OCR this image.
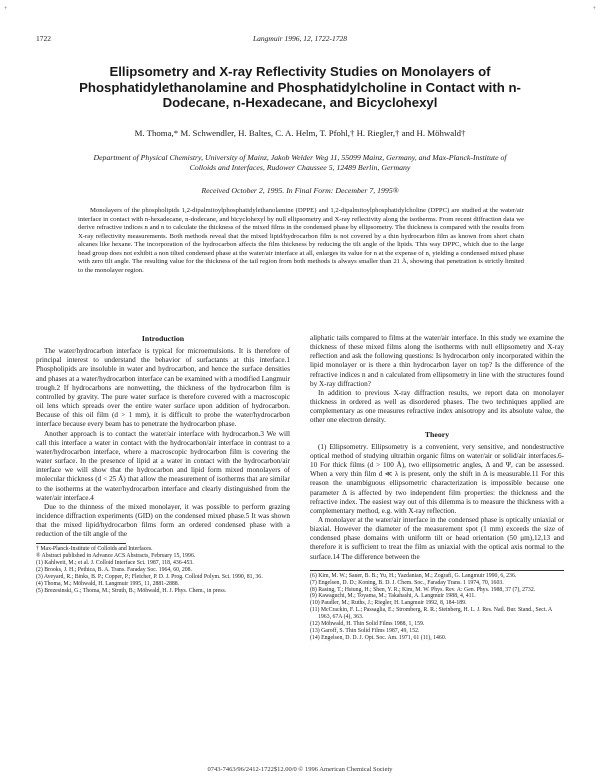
+	+
1722	Langmuir 1996, 12, 1722-1728
Ellipsometry and X-ray Reflectivity Studies on Monolayers of Phosphatidylethanolamine and Phosphatidylcholine in Contact with n-Dodecane, n-Hexadecane, and Bicyclohexyl
M. Thoma,* M. Schwendler, H. Baltes, C. A. Helm, T. Pfohl,† H. Riegler,† and H. Möhwald†
Department of Physical Chemistry, University of Mainz, Jakob Welder Weg 11, 55099 Mainz, Germany, and Max-Planck-Institute of Colloids and Interfaces, Rudower Chaussee 5, 12489 Berlin, Germany
Received October 2, 1995. In Final Form: December 7, 1995®

Monolayers of the phospholipids 1,2-dipalmitoylphosphatidylethanolamine (DPPE) and 1,2-dipalmitoylphosphatidylcholine (DPPC) are studied at the water/air interface in contact with n-hexadecane, n-dodecane, and bicyclohexyl by null ellipsometry and X-ray reflectivity along the isotherms. From recent diffraction data we derive refractive indices n and n to calculate the thickness of the mixed films in the condensed phase by ellipsometry. The thickness is compared with the results from X-ray reflectivity measurements. Both methods reveal that the mixed lipid/hydrocarbon film is not covered by a thin hydrocarbon film as known from short chain alcanes like hexane. The incorporation of the hydrocarbon affects the film thickness by reducing the tilt angle of the lipids. This way DPPC, which due to the large head group does not exhibit a non tilted condensed phase at the water/air interface at all, enlarges its value for n at the expense of n, yielding a condensed mixed phase with zero tilt angle. The resulting value for the thickness of the tail region from both methods is always smaller than 21 Å, showing that penetration is strictly limited to the monolayer region.

Introduction

The water/hydrocarbon interface is typical for microemulsions. It is therefore of principal interest to understand the behavior of surfactants at this interface.1 Phospholipids are insoluble in water and hydrocarbon, and hence the surface densities and phases at a water/hydrocarbon interface can be examined with a modified Langmuir trough.2 If hydrocarbons are nonwetting, the thickness of the hydrocarbon film is controlled by gravity. The pure water surface is therefore covered with a macroscopic oil lens which spreads over the entire water surface upon addition of hydrocarbon. Because of this oil film (d > 1 mm), it is difficult to probe the water/hydrocarbon interface because every beam has to penetrate the hydrocarbon phase.

Another approach is to contact the water/air interface with hydrocarbon.3 We will call this interface a water in contact with the hydrocarbon/air interface in contrast to a water/hydrocarbon interface, where a macroscopic hydrocarbon film is covering the water surface. In the presence of lipid at a water in contact with the hydrocarbon/air interface we will show that the hydrocarbon and lipid form mixed monolayers of molecular thickness (d < 25 Å) that allow the measurement of isotherms that are similar to the isotherms at the water/hydrocarbon interface and clearly distinguished from the water/air interface.4

Due to the thinness of the mixed monolayer, it was possible to perform grazing incidence diffraction experiments (GID) on the condensed mixed phase.5 It was shown that the mixed lipid/hydrocarbon films form an ordered condensed phase with a reduction of the tilt angle of the

† Max-Planck-Institute of Colloids and Interfaces.
® Abstract published in Advance ACS Abstracts, February 15, 1996.
(1) Kahlweit, M.; et al. J. Colloid Interface Sci. 1987, 118, 436-453.
(2) Brooks, J. H.; Pethica, B. A. Trans. Faraday Soc. 1964, 60, 208.
(3) Aveyard, R.; Binks, B. P.; Copper, P.; Fletcher, P. D. J. Prog. Colloid Polym. Sci. 1990, 81, 36.
(4) Thoma, M.; Möhwald, H. Langmuir 1995, 11, 2881-2888.
(5) Brezesinski, G.; Thoma, M.; Struth, B.; Möhwald, H. J. Phys. Chem., in press.

aliphatic tails compared to films at the water/air interface. In this study we examine the thickness of these mixed films along the isotherms with null ellipsometry and X-ray reflection and ask the following questions: Is hydrocarbon only incorporated within the lipid monolayer or is there a thin hydrocarbon layer on top? Is the difference of the refractive indices n and n calculated from ellipsometry in line with the structures found by X-ray diffraction?

In addition to previous X-ray diffraction results, we report data on monolayer thickness in ordered as well as disordered phases. The two techniques applied are complementary as one measures refractive index anisotropy and its absolute value, the other one electron density.

Theory

(1) Ellipsometry. Ellipsometry is a convenient, very sensitive, and nondestructive optical method of studying ultrathin organic films on water/air or solid/air interfaces.6-10 For thick films (d > 100 Å), two ellipsometric angles, Δ and Ψ, can be assessed. When a very thin film d ≪ λ is present, only the shift in Δ is measurable.11 For this reason the unambiguous ellipsometric characterization is impossible because one parameter Δ is affected by two independent film properties: the thickness and the refractive index. The easiest way out of this dilemma is to measure the thickness with a complementary method, e.g. with X-ray reflection.

A monolayer at the water/air interface in the condensed phase is optically uniaxial or biaxial. However the diameter of the measurement spot (1 mm) exceeds the size of condensed phase domains with uniform tilt or head orientation (50 μm),12,13 and therefore it is sufficient to treat the film as uniaxial with the optical axis normal to the surface.14 The difference between the

(6) Kim, M. W.; Sauer, B. B.; Yu, H.; Yazdanian, M.; Zografi, G. Langmuir 1990, 6, 236.
(7) Engelsen, D. D.; Koning, B. D. J. Chem. Soc., Faraday Trans. 1 1974, 70, 1603.
(8) Rasing, T.; Hsiung, H.; Shen, Y. R.; Kim, M. W. Phys. Rev. A: Gen. Phys. 1988, 37 (7), 2732.
(9) Kawaguchi, M.; Toyama, M.; Takahashi, A. Langmuir 1988, 4, 411.
(10) Paudler, M.; Ruths, J.; Riegler, H. Langmuir 1992, 8, 184-189.
(11) McCrackin, F. L.; Passaglia, E.; Stromberg, R. R.; Steinberg, H. L. J. Res. Natl. Bur. Stand., Sect. A 1963, 67A (4), 363.
(12) Möhwald, H. Thin Solid Films 1988, 1, 159.
(13) Garoff, S. Thin Solid Films 1987, 49, 152.
(14) Engelsen, D. D. J. Opt. Soc. Am. 1971, 61 (11), 1460.
0743-7463/96/2412-1722$12.00/0 © 1996 American Chemical Society
